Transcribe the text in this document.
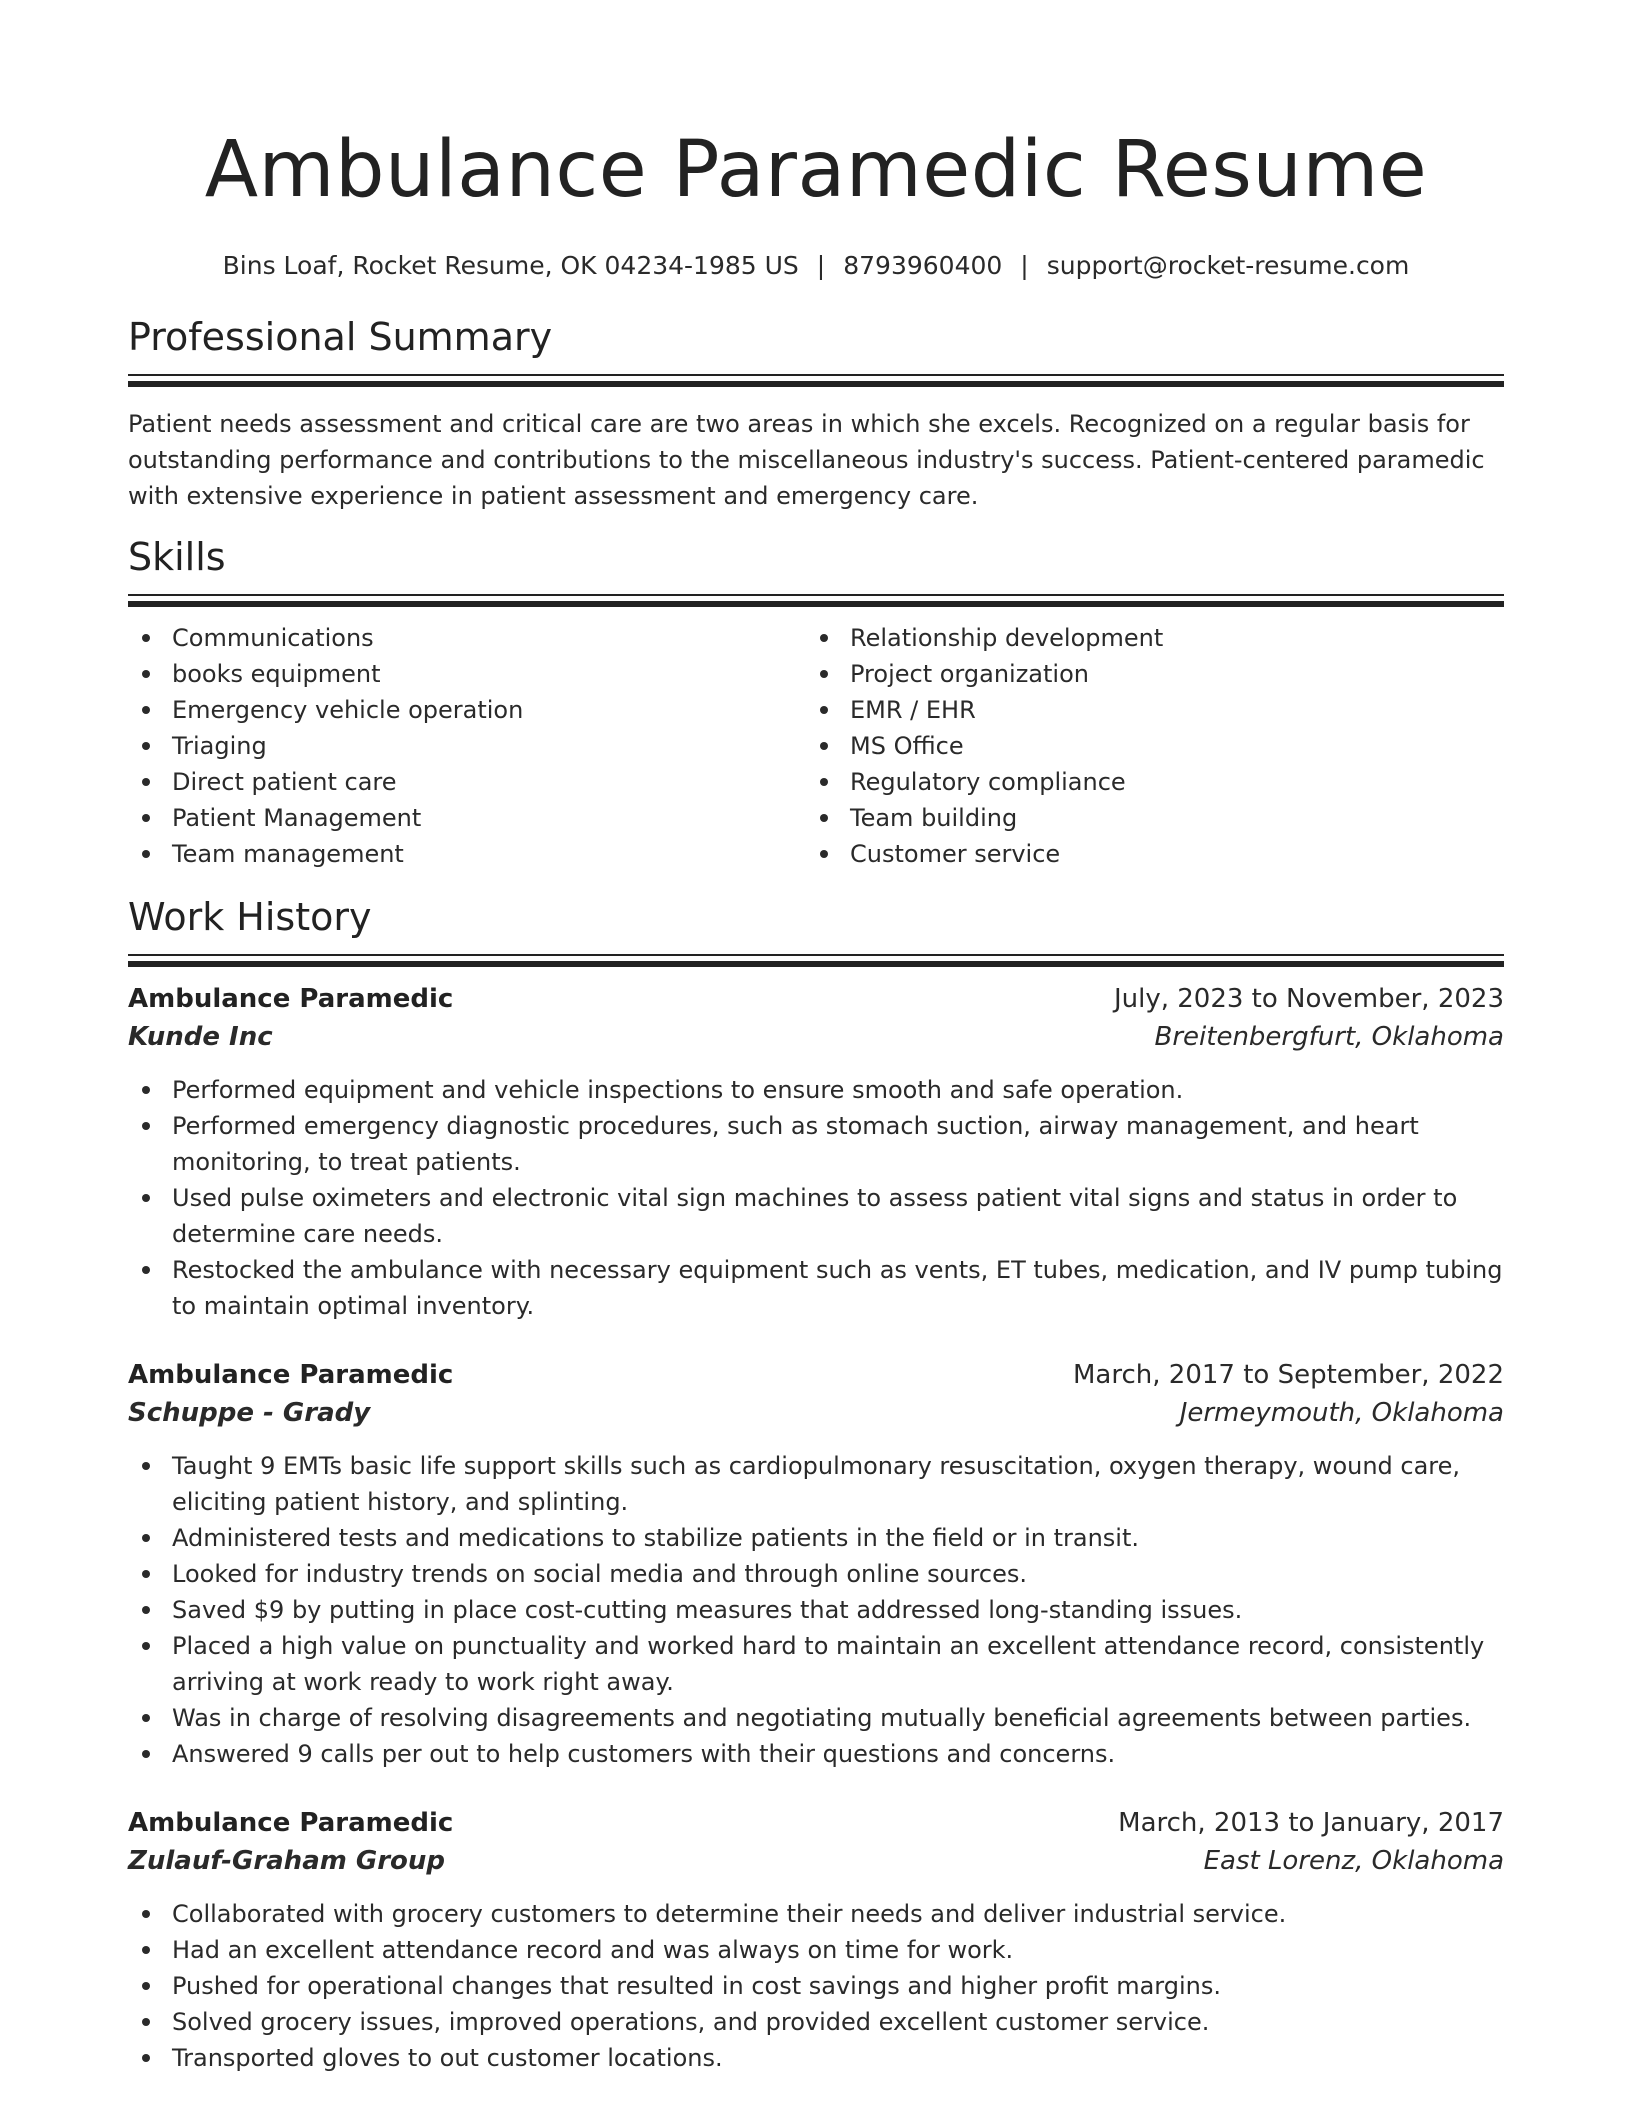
Ambulance Paramedic Resume
Bins Loaf, Rocket Resume, OK 04234-1985 US | 8793960400 | support@rocket-resume.com
Professional Summary
Patient needs assessment and critical care are two areas in which she excels. Recognized on a regular basis for outstanding performance and contributions to the miscellaneous industry's success. Patient-centered paramedic with extensive experience in patient assessment and emergency care.
Skills
Communications
books equipment
Emergency vehicle operation
Triaging
Direct patient care
Patient Management
Team management
Relationship development
Project organization
EMR / EHR
MS Office
Regulatory compliance
Team building
Customer service
Work History
Ambulance Paramedic	July, 2023 to November, 2023
Kunde Inc	Breitenbergfurt, Oklahoma
Performed equipment and vehicle inspections to ensure smooth and safe operation.
Performed emergency diagnostic procedures, such as stomach suction, airway management, and heart monitoring, to treat patients.
Used pulse oximeters and electronic vital sign machines to assess patient vital signs and status in order to determine care needs.
Restocked the ambulance with necessary equipment such as vents, ET tubes, medication, and IV pump tubing to maintain optimal inventory.
Ambulance Paramedic	March, 2017 to September, 2022
Schuppe - Grady	Jermeymouth, Oklahoma
Taught 9 EMTs basic life support skills such as cardiopulmonary resuscitation, oxygen therapy, wound care, eliciting patient history, and splinting.
Administered tests and medications to stabilize patients in the field or in transit.
Looked for industry trends on social media and through online sources.
Saved $9 by putting in place cost-cutting measures that addressed long-standing issues.
Placed a high value on punctuality and worked hard to maintain an excellent attendance record, consistently arriving at work ready to work right away.
Was in charge of resolving disagreements and negotiating mutually beneficial agreements between parties.
Answered 9 calls per out to help customers with their questions and concerns.
Ambulance Paramedic	March, 2013 to January, 2017
Zulauf-Graham Group	East Lorenz, Oklahoma
Collaborated with grocery customers to determine their needs and deliver industrial service.
Had an excellent attendance record and was always on time for work.
Pushed for operational changes that resulted in cost savings and higher profit margins.
Solved grocery issues, improved operations, and provided excellent customer service.
Transported gloves to out customer locations.
